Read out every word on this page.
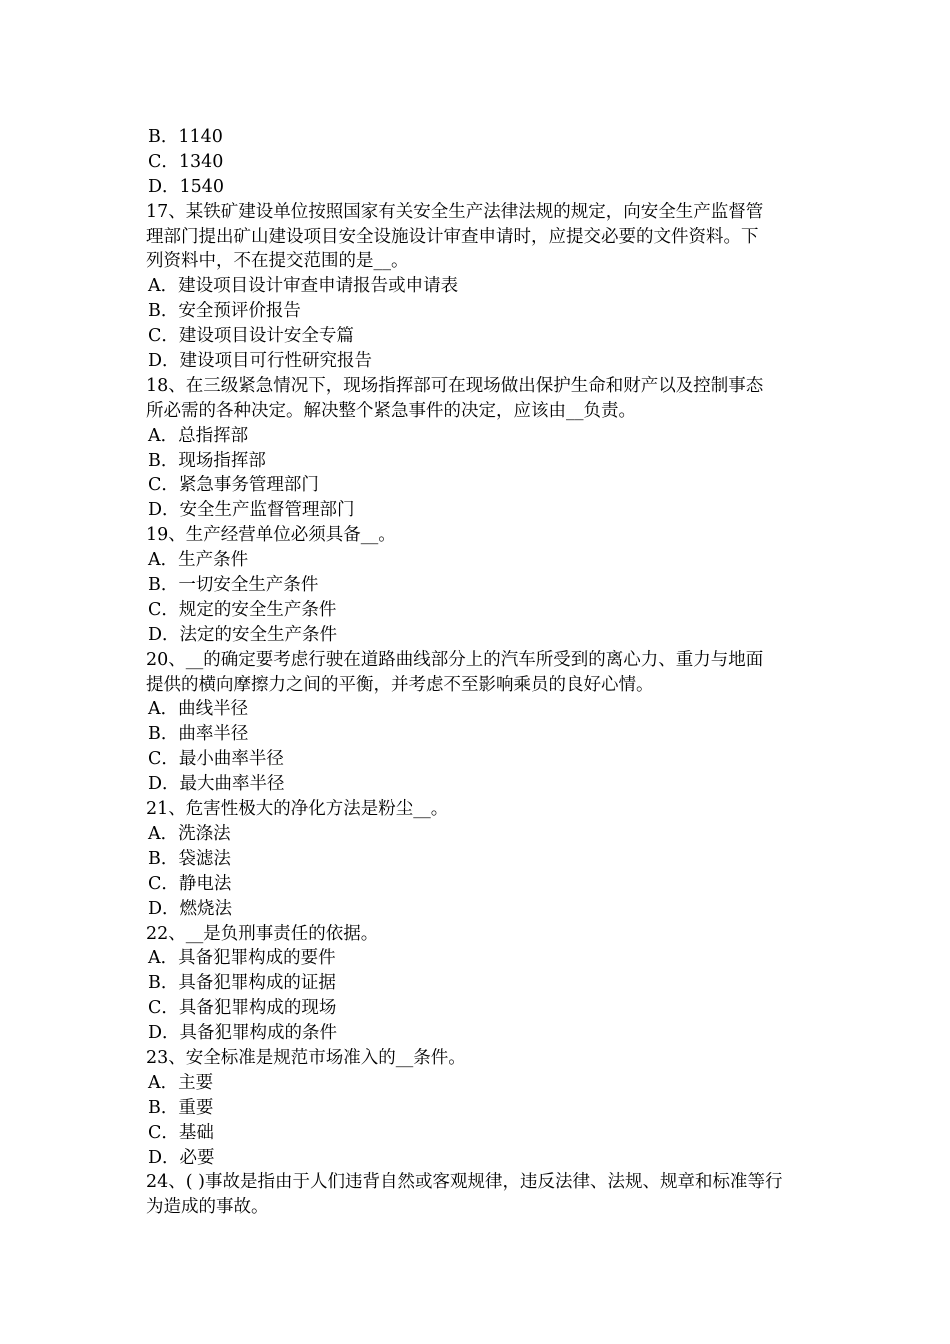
B．1140
C．1340
D．1540
17、某铁矿建设单位按照国家有关安全生产法律法规的规定，向安全生产监督管
理部门提出矿山建设项目安全设施设计审查申请时，应提交必要的文件资料。下
列资料中，不在提交范围的是__。
A．建设项目设计审查申请报告或申请表
B．安全预评价报告
C．建设项目设计安全专篇
D．建设项目可行性研究报告
18、在三级紧急情况下，现场指挥部可在现场做出保护生命和财产以及控制事态
所必需的各种决定。解决整个紧急事件的决定，应该由__负责。
A．总指挥部
B．现场指挥部
C．紧急事务管理部门
D．安全生产监督管理部门
19、生产经营单位必须具备__。
A．生产条件
B．一切安全生产条件
C．规定的安全生产条件
D．法定的安全生产条件
20、__的确定要考虑行驶在道路曲线部分上的汽车所受到的离心力、重力与地面
提供的横向摩擦力之间的平衡，并考虑不至影响乘员的良好心情。
A．曲线半径
B．曲率半径
C．最小曲率半径
D．最大曲率半径
21、危害性极大的净化方法是粉尘__。
A．洗涤法
B．袋滤法
C．静电法
D．燃烧法
22、__是负刑事责任的依据。
A．具备犯罪构成的要件
B．具备犯罪构成的证据
C．具备犯罪构成的现场
D．具备犯罪构成的条件
23、安全标准是规范市场准入的__条件。
A．主要
B．重要
C．基础
D．必要
24、( )事故是指由于人们违背自然或客观规律，违反法律、法规、规章和标准等行
为造成的事故。
